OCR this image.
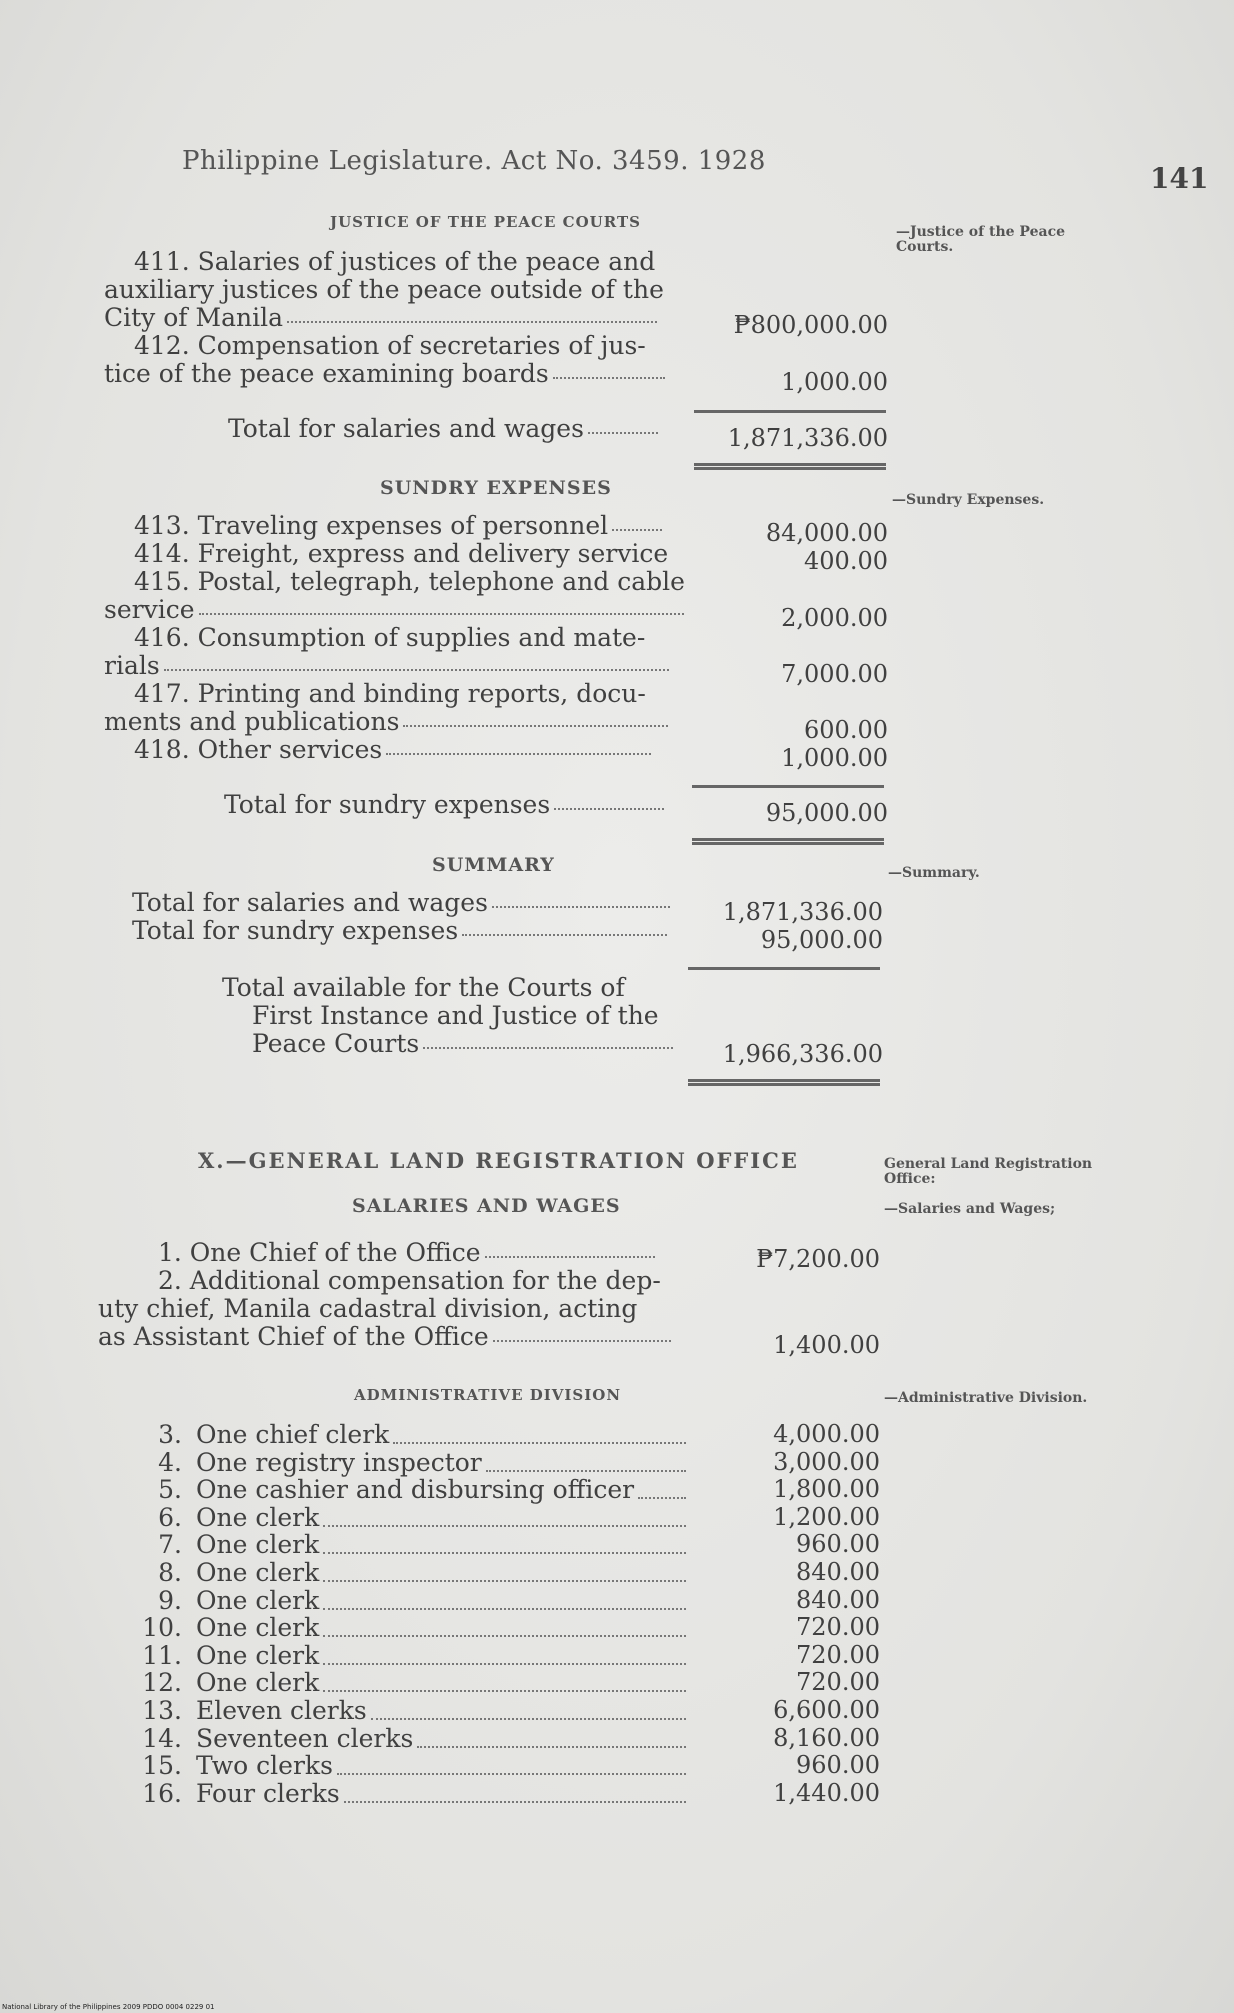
Philippine Legislature. Act No. 3459. 1928
141
JUSTICE OF THE PEACE COURTS
—Justice of the Peace Courts.
411. Salaries of justices of the peace and
auxiliary justices of the peace outside of the
City of Manila	₱800,000.00
412. Compensation of secretaries of jus-
tice of the peace examining boards	1,000.00
Total for salaries and wages	1,871,336.00
SUNDRY EXPENSES
—Sundry Expenses.
413. Traveling expenses of personnel	84,000.00
414. Freight, express and delivery service	400.00
415. Postal, telegraph, telephone and cable
service	2,000.00
416. Consumption of supplies and mate-
rials	7,000.00
417. Printing and binding reports, docu-
ments and publications	600.00
418. Other services	1,000.00
Total for sundry expenses	95,000.00
SUMMARY	—Summary.
Total for salaries and wages	1,871,336.00
Total for sundry expenses	95,000.00
Total available for the Courts of
First Instance and Justice of the
Peace Courts	1,966,336.00
X.—GENERAL LAND REGISTRATION OFFICE	General Land Registration Office:
SALARIES AND WAGES	—Salaries and Wages;
1. One Chief of the Office	₱7,200.00
2. Additional compensation for the dep-
uty chief, Manila cadastral division, acting
as Assistant Chief of the Office	1,400.00
ADMINISTRATIVE DIVISION	—Administrative Division.
3. One chief clerk	4,000.00
4. One registry inspector	3,000.00
5. One cashier and disbursing officer	1,800.00
6. One clerk	1,200.00
7. One clerk	960.00
8. One clerk	840.00
9. One clerk	840.00
10. One clerk	720.00
11. One clerk	720.00
12. One clerk	720.00
13. Eleven clerks	6,600.00
14. Seventeen clerks	8,160.00
15. Two clerks	960.00
16. Four clerks	1,440.00
National Library of the Philippines 2009 PDDO 0004 0229 01
